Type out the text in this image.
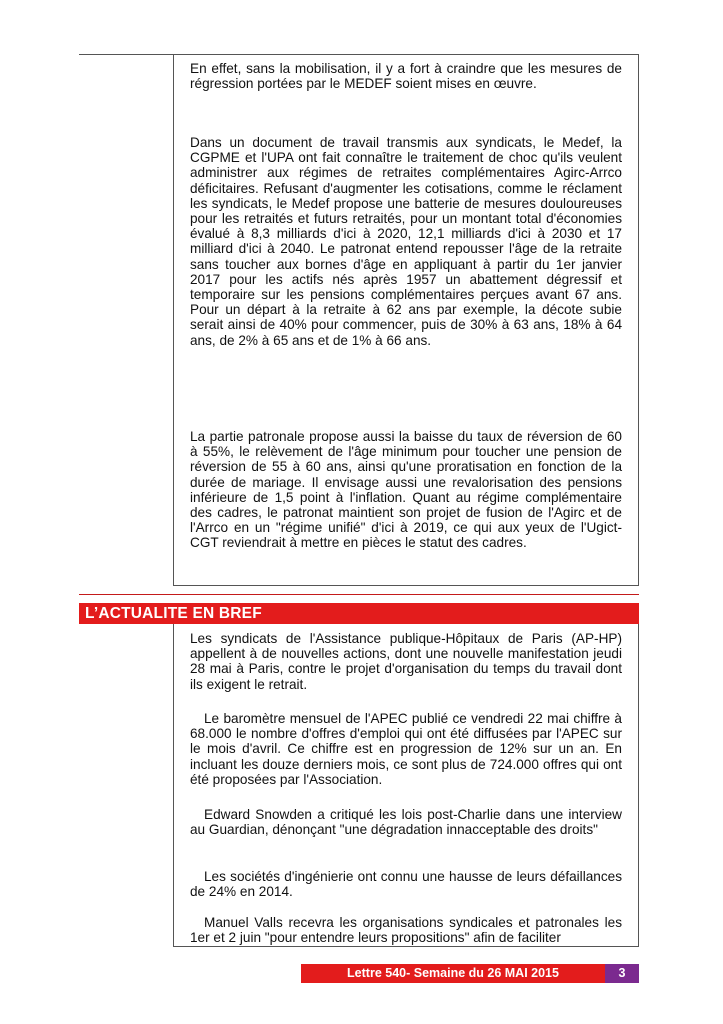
En effet, sans la mobilisation, il y a fort à craindre que les mesures de régression portées par le MEDEF soient mises en œuvre.

Dans un document de travail transmis aux syndicats, le Medef, la CGPME et l'UPA ont fait connaître le traitement de choc qu'ils veulent administrer aux régimes de retraites complémentaires Agirc-Arrco déficitaires. Refusant d'augmenter les cotisations, comme le réclament les syndicats, le Medef propose une batterie de mesures douloureuses pour les retraités et futurs retraités, pour un montant total d'économies évalué à 8,3 milliards d'ici à 2020, 12,1 milliards d'ici à 2030 et 17 milliard d'ici à 2040. Le patronat entend repousser l'âge de la retraite sans toucher aux bornes d'âge en appliquant à partir du 1er janvier 2017 pour les actifs nés après 1957 un abattement dégressif et temporaire sur les pensions complémentaires perçues avant 67 ans. Pour un départ à la retraite à 62 ans par exemple, la décote subie serait ainsi de 40% pour commencer, puis de 30% à 63 ans, 18% à 64 ans, de 2% à 65 ans et de 1% à 66 ans.

La partie patronale propose aussi la baisse du taux de réversion de 60 à 55%, le relèvement de l'âge minimum pour toucher une pension de réversion de 55 à 60 ans, ainsi qu'une proratisation en fonction de la durée de mariage. Il envisage aussi une revalorisation des pensions inférieure de 1,5 point à l'inflation. Quant au régime complémentaire des cadres, le patronat maintient son projet de fusion de l'Agirc et de l'Arrco en un "régime unifié" d'ici à 2019, ce qui aux yeux de l'Ugict-CGT reviendrait à mettre en pièces le statut des cadres.

L’ACTUALITE EN BREF

Les syndicats de l'Assistance publique-Hôpitaux de Paris (AP-HP) appellent à de nouvelles actions, dont une nouvelle manifestation jeudi 28 mai à Paris, contre le projet d'organisation du temps du travail dont ils exigent le retrait.

Le baromètre mensuel de l'APEC publié ce vendredi 22 mai chiffre à 68.000 le nombre d'offres d'emploi qui ont été diffusées par l'APEC sur le mois d'avril. Ce chiffre est en progression de 12% sur un an. En incluant les douze derniers mois, ce sont plus de 724.000 offres qui ont été proposées par l'Association.

Edward Snowden a critiqué les lois post-Charlie dans une interview au Guardian, dénonçant "une dégradation innacceptable des droits"

Les sociétés d'ingénierie ont connu une hausse de leurs défaillances de 24% en 2014.

Manuel Valls recevra les organisations syndicales et patronales les 1er et 2 juin "pour entendre leurs propositions" afin de faciliter

Lettre 540- Semaine du 26 MAI 2015	3
